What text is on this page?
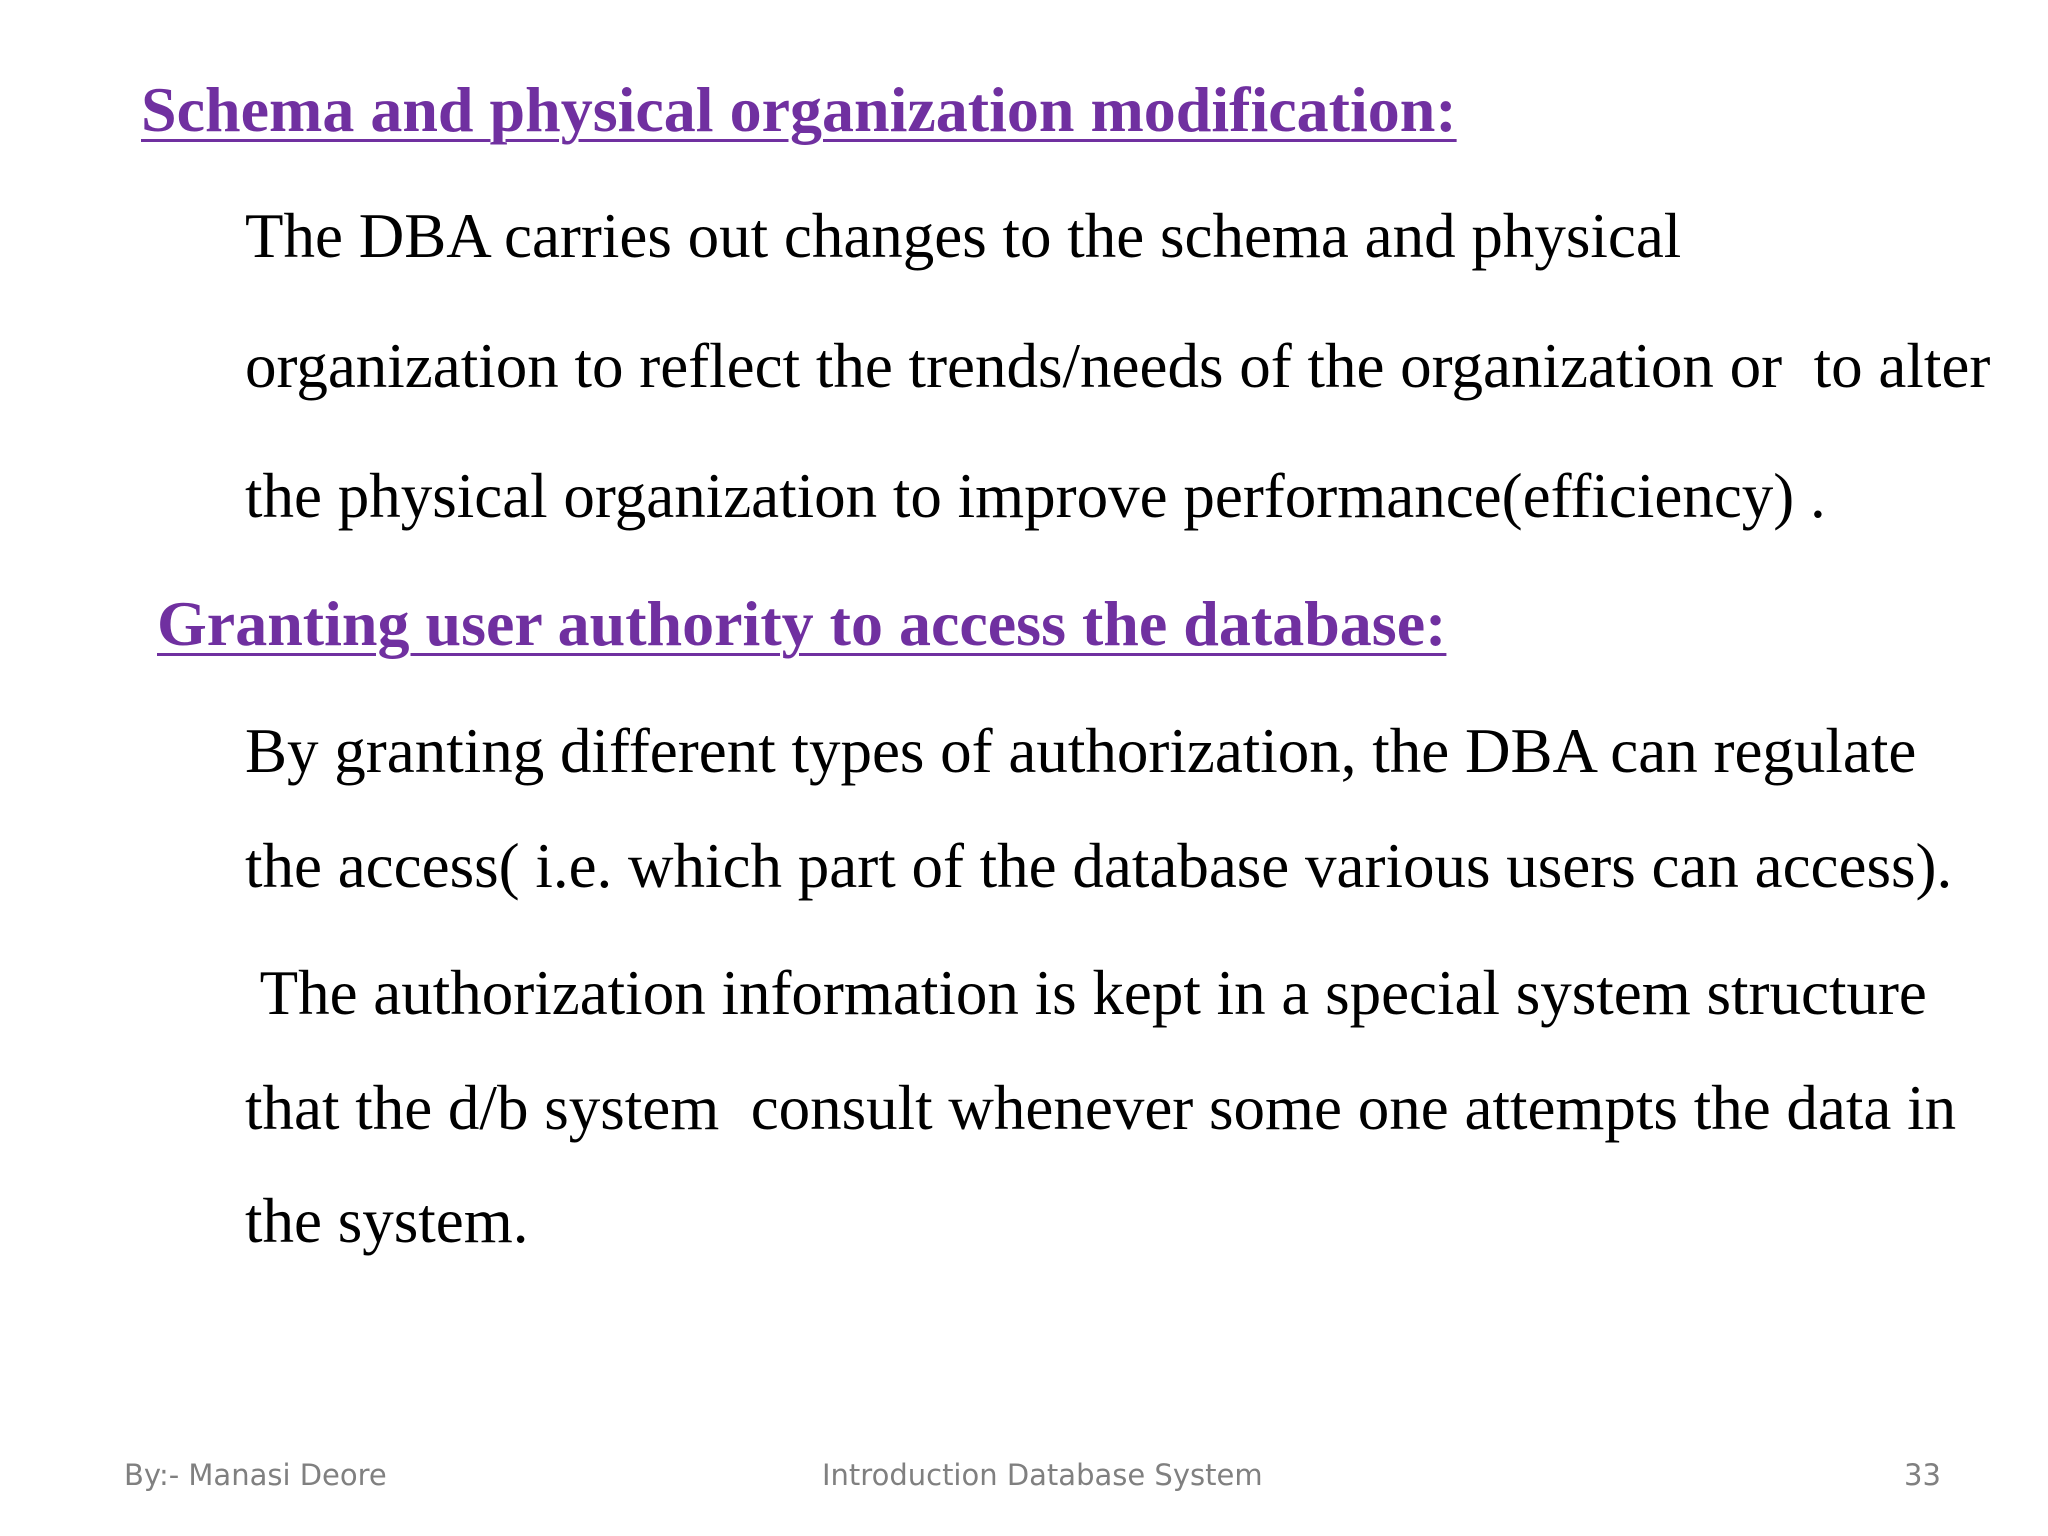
Schema and physical organization modification:
The DBA carries out changes to the schema and physical
organization to reflect the trends/needs of the organization or  to alter
the physical organization to improve performance(efficiency) .
Granting user authority to access the database:
By granting different types of authorization, the DBA can regulate
the access( i.e. which part of the database various users can access).
The authorization information is kept in a special system structure
that the d/b system  consult whenever some one attempts the data in
the system.
By:- Manasi Deore	Introduction Database System	33
